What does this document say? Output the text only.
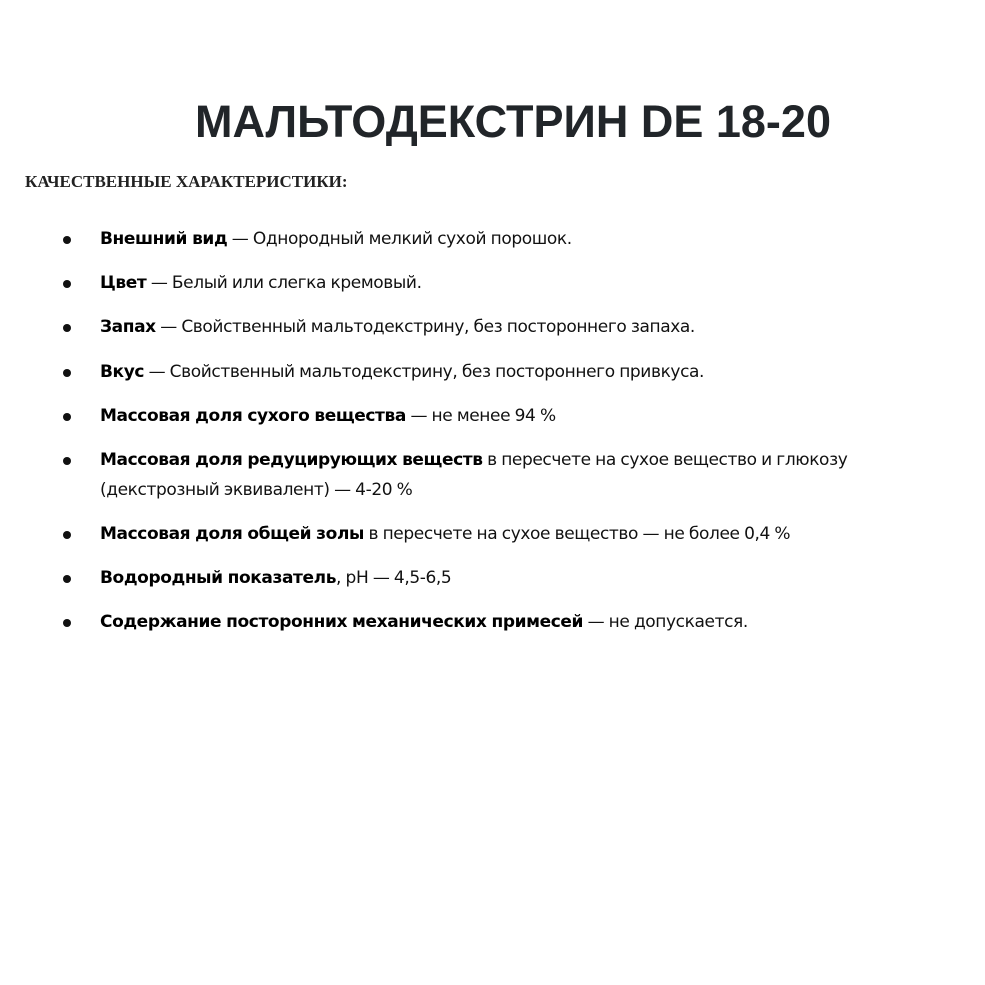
МАЛЬТОДЕКСТРИН DE 18-20
КАЧЕСТВЕННЫЕ ХАРАКТЕРИСТИКИ:
Внешний вид — Однородный мелкий сухой порошок.
Цвет — Белый или слегка кремовый.
Запах — Свойственный мальтодекстрину, без постороннего запаха.
Вкус — Свойственный мальтодекстрину, без постороннего привкуса.
Массовая доля сухого вещества — не менее 94 %
Массовая доля редуцирующих веществ в пересчете на сухое вещество и глюкозу (декстрозный эквивалент) — 4-20 %
Массовая доля общей золы в пересчете на сухое вещество — не более 0,4 %
Водородный показатель, pH — 4,5-6,5
Содержание посторонних механических примесей — не допускается.
